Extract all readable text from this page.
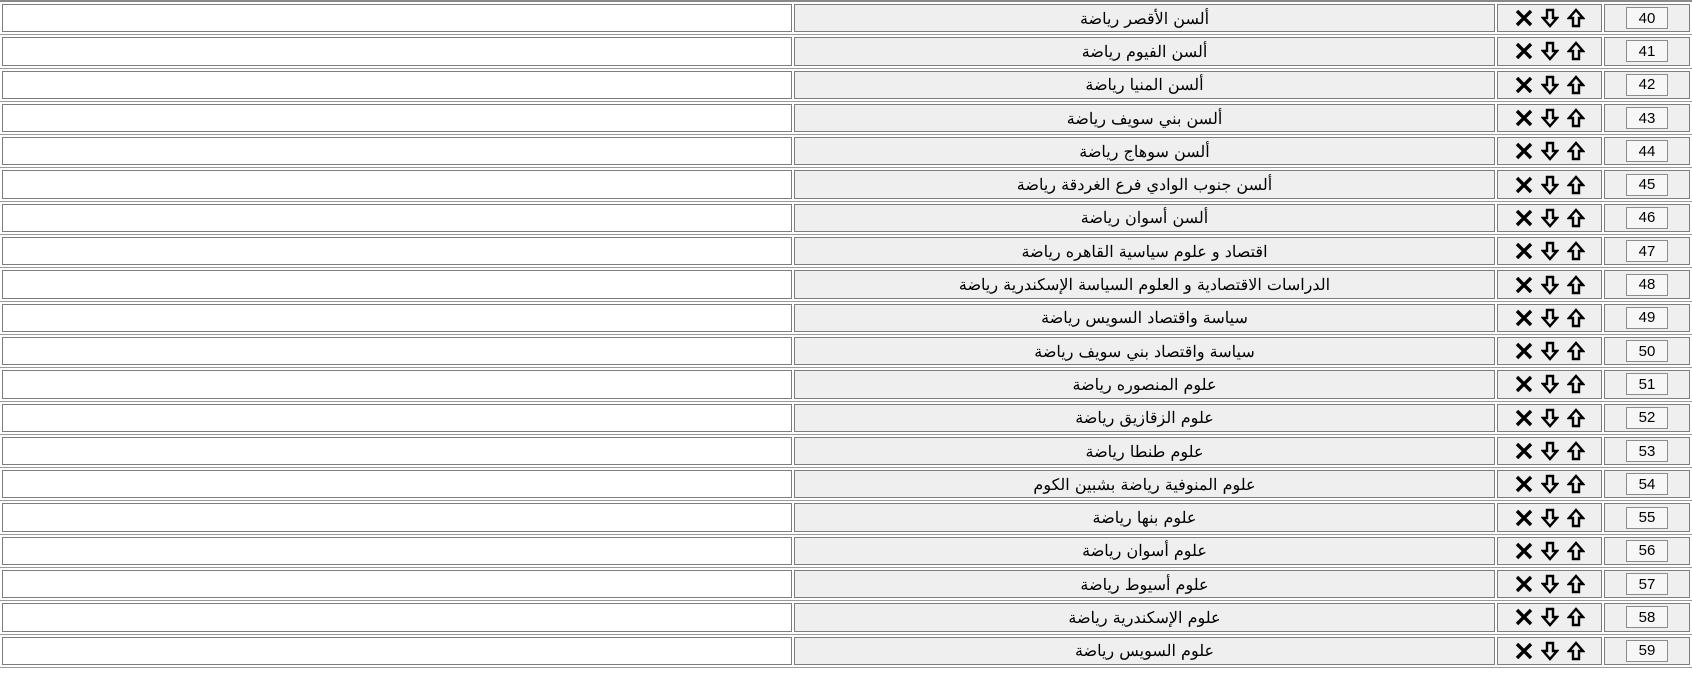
ألسن الأقصر رياضة
40
ألسن الفيوم رياضة
41
ألسن المنيا رياضة
42
ألسن بني سويف رياضة
43
ألسن سوهاج رياضة
44
ألسن جنوب الوادي فرع الغردقة رياضة
45
ألسن أسوان رياضة
46
اقتصاد و علوم سياسية القاهره رياضة
47
الدراسات الاقتصادية و العلوم السياسة الإسكندرية رياضة
48
سياسة واقتصاد السويس رياضة
49
سياسة واقتصاد بني سويف رياضة
50
علوم المنصوره رياضة
51
علوم الزقازيق رياضة
52
علوم طنطا رياضة
53
علوم المنوفية رياضة بشبين الكوم
54
علوم بنها رياضة
55
علوم أسوان رياضة
56
علوم أسيوط رياضة
57
علوم الإسكندرية رياضة
58
علوم السويس رياضة
59
